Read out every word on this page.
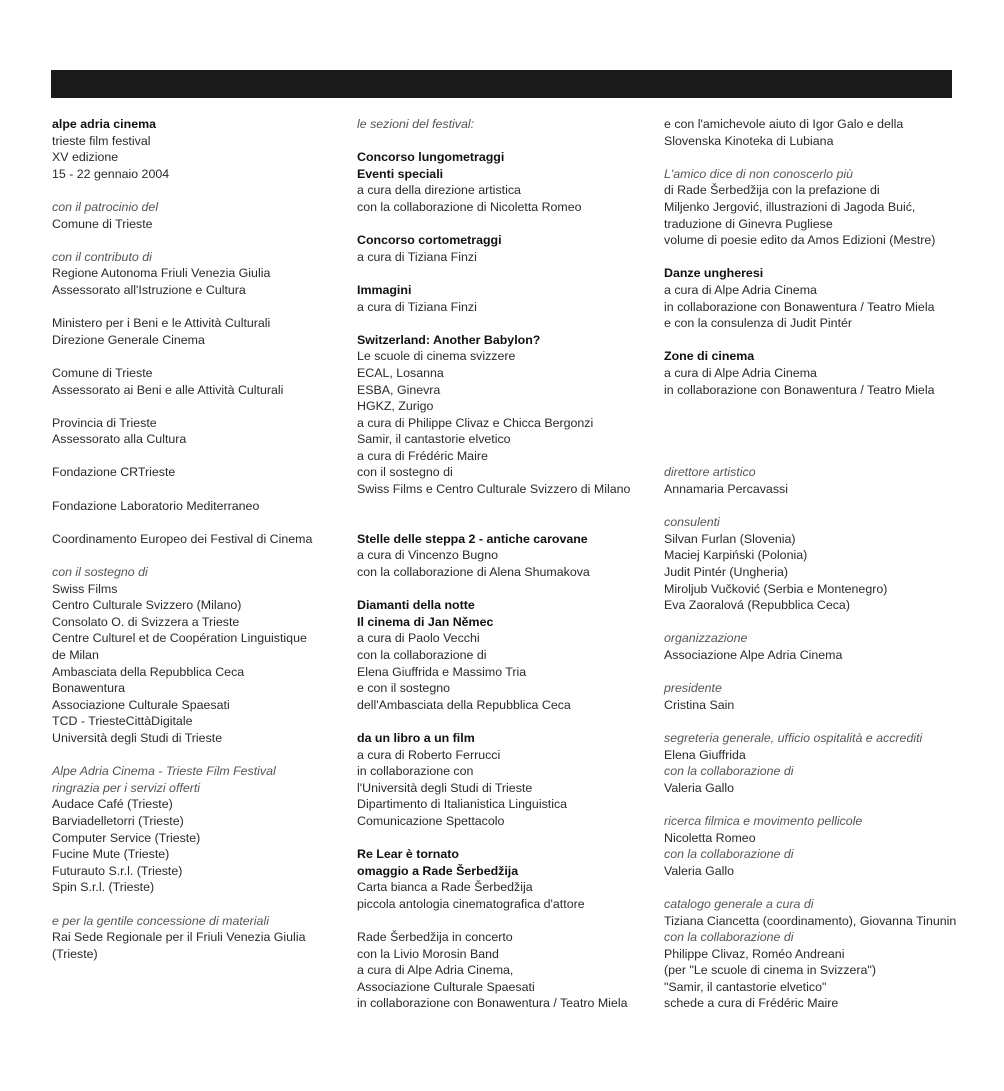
alpe adria cinema
trieste film festival
XV edizione
15 - 22 gennaio 2004
con il patrocinio del
Comune di Trieste
con il contributo di
Regione Autonoma Friuli Venezia Giulia
Assessorato all'Istruzione e Cultura
Ministero per i Beni e le Attività Culturali
Direzione Generale Cinema
Comune di Trieste
Assessorato ai Beni e alle Attività Culturali
Provincia di Trieste
Assessorato alla Cultura
Fondazione CRTrieste
Fondazione Laboratorio Mediterraneo
Coordinamento Europeo dei Festival di Cinema
con il sostegno di
Swiss Films
Centro Culturale Svizzero (Milano)
Consolato O. di Svizzera a Trieste
Centre Culturel et de Coopération Linguistique
de Milan
Ambasciata della Repubblica Ceca
Bonawentura
Associazione Culturale Spaesati
TCD - TriesteCittàDigitale
Università degli Studi di Trieste
Alpe Adria Cinema - Trieste Film Festival
ringrazia per i servizi offerti
Audace Café (Trieste)
Barviadelletorri (Trieste)
Computer Service (Trieste)
Fucine Mute (Trieste)
Futurauto S.r.l. (Trieste)
Spin S.r.l. (Trieste)
e per la gentile concessione di materiali
Rai Sede Regionale per il Friuli Venezia Giulia
(Trieste)
le sezioni del festival:
Concorso lungometraggi
Eventi speciali
a cura della direzione artistica
con la collaborazione di Nicoletta Romeo
Concorso cortometraggi
a cura di Tiziana Finzi
Immagini
a cura di Tiziana Finzi
Switzerland: Another Babylon?
Le scuole di cinema svizzere
ECAL, Losanna
ESBA, Ginevra
HGKZ, Zurigo
a cura di Philippe Clivaz e Chicca Bergonzi
Samir, il cantastorie elvetico
a cura di Frédéric Maire
con il sostegno di
Swiss Films e Centro Culturale Svizzero di Milano
Stelle delle steppa 2 - antiche carovane
a cura di Vincenzo Bugno
con la collaborazione di Alena Shumakova
Diamanti della notte
Il cinema di Jan Němec
a cura di Paolo Vecchi
con la collaborazione di
Elena Giuffrida e Massimo Tria
e con il sostegno
dell'Ambasciata della Repubblica Ceca
da un libro a un film
a cura di Roberto Ferrucci
in collaborazione con
l'Università degli Studi di Trieste
Dipartimento di Italianistica Linguistica
Comunicazione Spettacolo
Re Lear è tornato
omaggio a Rade Šerbedžija
Carta bianca a Rade Šerbedžija
piccola antologia cinematografica d'attore
Rade Šerbedžija in concerto
con la Livio Morosin Band
a cura di Alpe Adria Cinema,
Associazione Culturale Spaesati
in collaborazione con Bonawentura / Teatro Miela
e con l'amichevole aiuto di Igor Galo e della
Slovenska Kinoteka di Lubiana
L'amico dice di non conoscerlo più
di Rade Šerbedžija con la prefazione di
Miljenko Jergović, illustrazioni di Jagoda Buić,
traduzione di Ginevra Pugliese
volume di poesie edito da Amos Edizioni (Mestre)
Danze ungheresi
a cura di Alpe Adria Cinema
in collaborazione con Bonawentura / Teatro Miela
e con la consulenza di Judit Pintér
Zone di cinema
a cura di Alpe Adria Cinema
in collaborazione con Bonawentura / Teatro Miela
direttore artistico
Annamaria Percavassi
consulenti
Silvan Furlan (Slovenia)
Maciej Karpiński (Polonia)
Judit Pintér (Ungheria)
Miroljub Vučković (Serbia e Montenegro)
Eva Zaoralová (Repubblica Ceca)
organizzazione
Associazione Alpe Adria Cinema
presidente
Cristina Sain
segreteria generale, ufficio ospitalità e accrediti
Elena Giuffrida
con la collaborazione di
Valeria Gallo
ricerca filmica e movimento pellicole
Nicoletta Romeo
con la collaborazione di
Valeria Gallo
catalogo generale a cura di
Tiziana Ciancetta (coordinamento), Giovanna Tinunin
con la collaborazione di
Philippe Clivaz, Roméo Andreani
(per "Le scuole di cinema in Svizzera")
"Samir, il cantastorie elvetico"
schede a cura di Frédéric Maire
